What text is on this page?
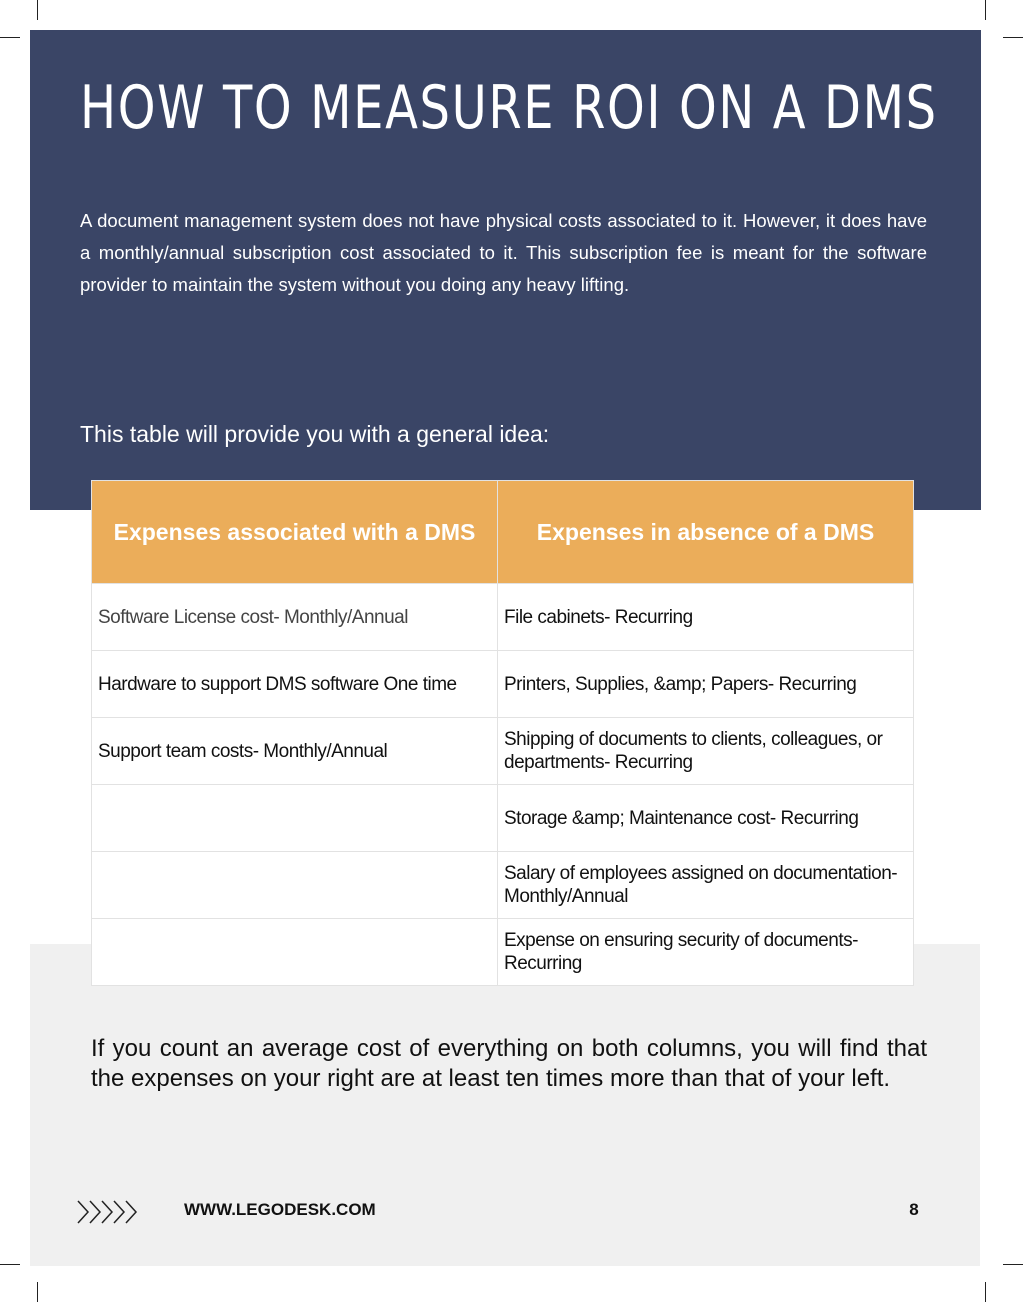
HOW TO MEASURE ROI ON A DMS

A document management system does not have physical costs associated to it. However, it does have a monthly/annual subscription cost associated to it. This subscription fee is meant for the software provider to maintain the system without you doing any heavy lifting.

This table will provide you with a general idea:

Expenses associated with a DMS	Expenses in absence of a DMS
Software License cost- Monthly/Annual	File cabinets- Recurring
Hardware to support DMS software One time	Printers, Supplies, &amp; Papers- Recurring
Support team costs- Monthly/Annual	Shipping of documents to clients, colleagues, or departments- Recurring
	Storage &amp; Maintenance cost- Recurring
	Salary of employees assigned on documentation- Monthly/Annual
	Expense on ensuring security of documents- Recurring

If you count an average cost of everything on both columns, you will find that the expenses on your right are at least ten times more than that of your left.

WWW.LEGODESK.COM	8
